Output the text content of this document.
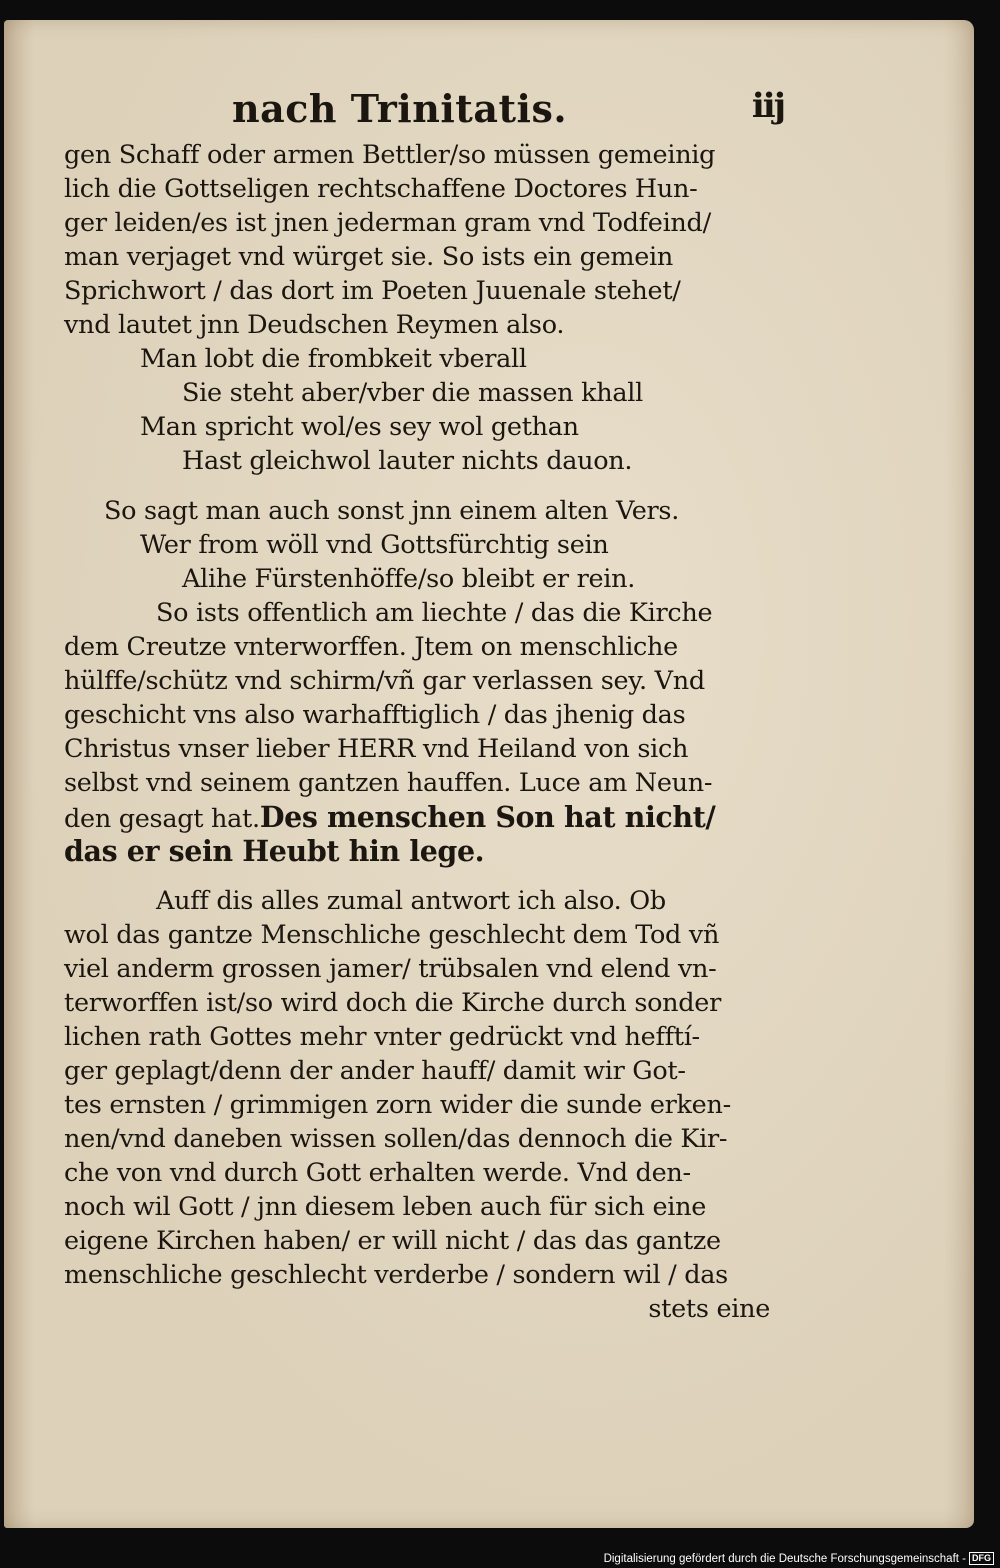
nach Trinitatis.	iij
gen Schaff oder armen Bettler/so müssen gemeinig
lich die Gottseligen rechtschaffene Doctores Hun-
ger leiden/es ist jnen jederman gram vnd Todfeind/
man verjaget vnd würget sie. So ists ein gemein
Sprichwort / das dort im Poeten Juuenale stehet/
vnd lautet jnn Deudschen Reymen also.
Man lobt die frombkeit vberall
Sie steht aber/vber die massen khall
Man spricht wol/es sey wol gethan
Hast gleichwol lauter nichts dauon.
So sagt man auch sonst jnn einem alten Vers.
Wer from wöll vnd Gottsfürchtig sein
Alihe Fürstenhöffe/so bleibt er rein.
So ists offentlich am liechte / das die Kirche
dem Creutze vnterworffen. Jtem on menschliche
hülffe/schütz vnd schirm/vñ gar verlassen sey. Vnd
geschicht vns also warhafftiglich / das jhenig das
Christus vnser lieber HERR vnd Heiland von sich
selbst vnd seinem gantzen hauffen. Luce am Neun-
den gesagt hat.Des menschen Son hat nicht/
das er sein Heubt hin lege.
Auff dis alles zumal antwort ich also. Ob
wol das gantze Menschliche geschlecht dem Tod vñ
viel anderm grossen jamer/ trübsalen vnd elend vn-
terworffen ist/so wird doch die Kirche durch sonder
lichen rath Gottes mehr vnter gedrückt vnd hefftí-
ger geplagt/denn der ander hauff/ damit wir Got-
tes ernsten / grimmigen zorn wider die sunde erken-
nen/vnd daneben wissen sollen/das dennoch die Kir-
che von vnd durch Gott erhalten werde. Vnd den-
noch wil Gott / jnn diesem leben auch für sich eine
eigene Kirchen haben/ er will nicht / das das gantze
menschliche geschlecht verderbe / sondern wil / das
stets eine
Digitalisierung gefördert durch die Deutsche Forschungsgemeinschaft - DFG
